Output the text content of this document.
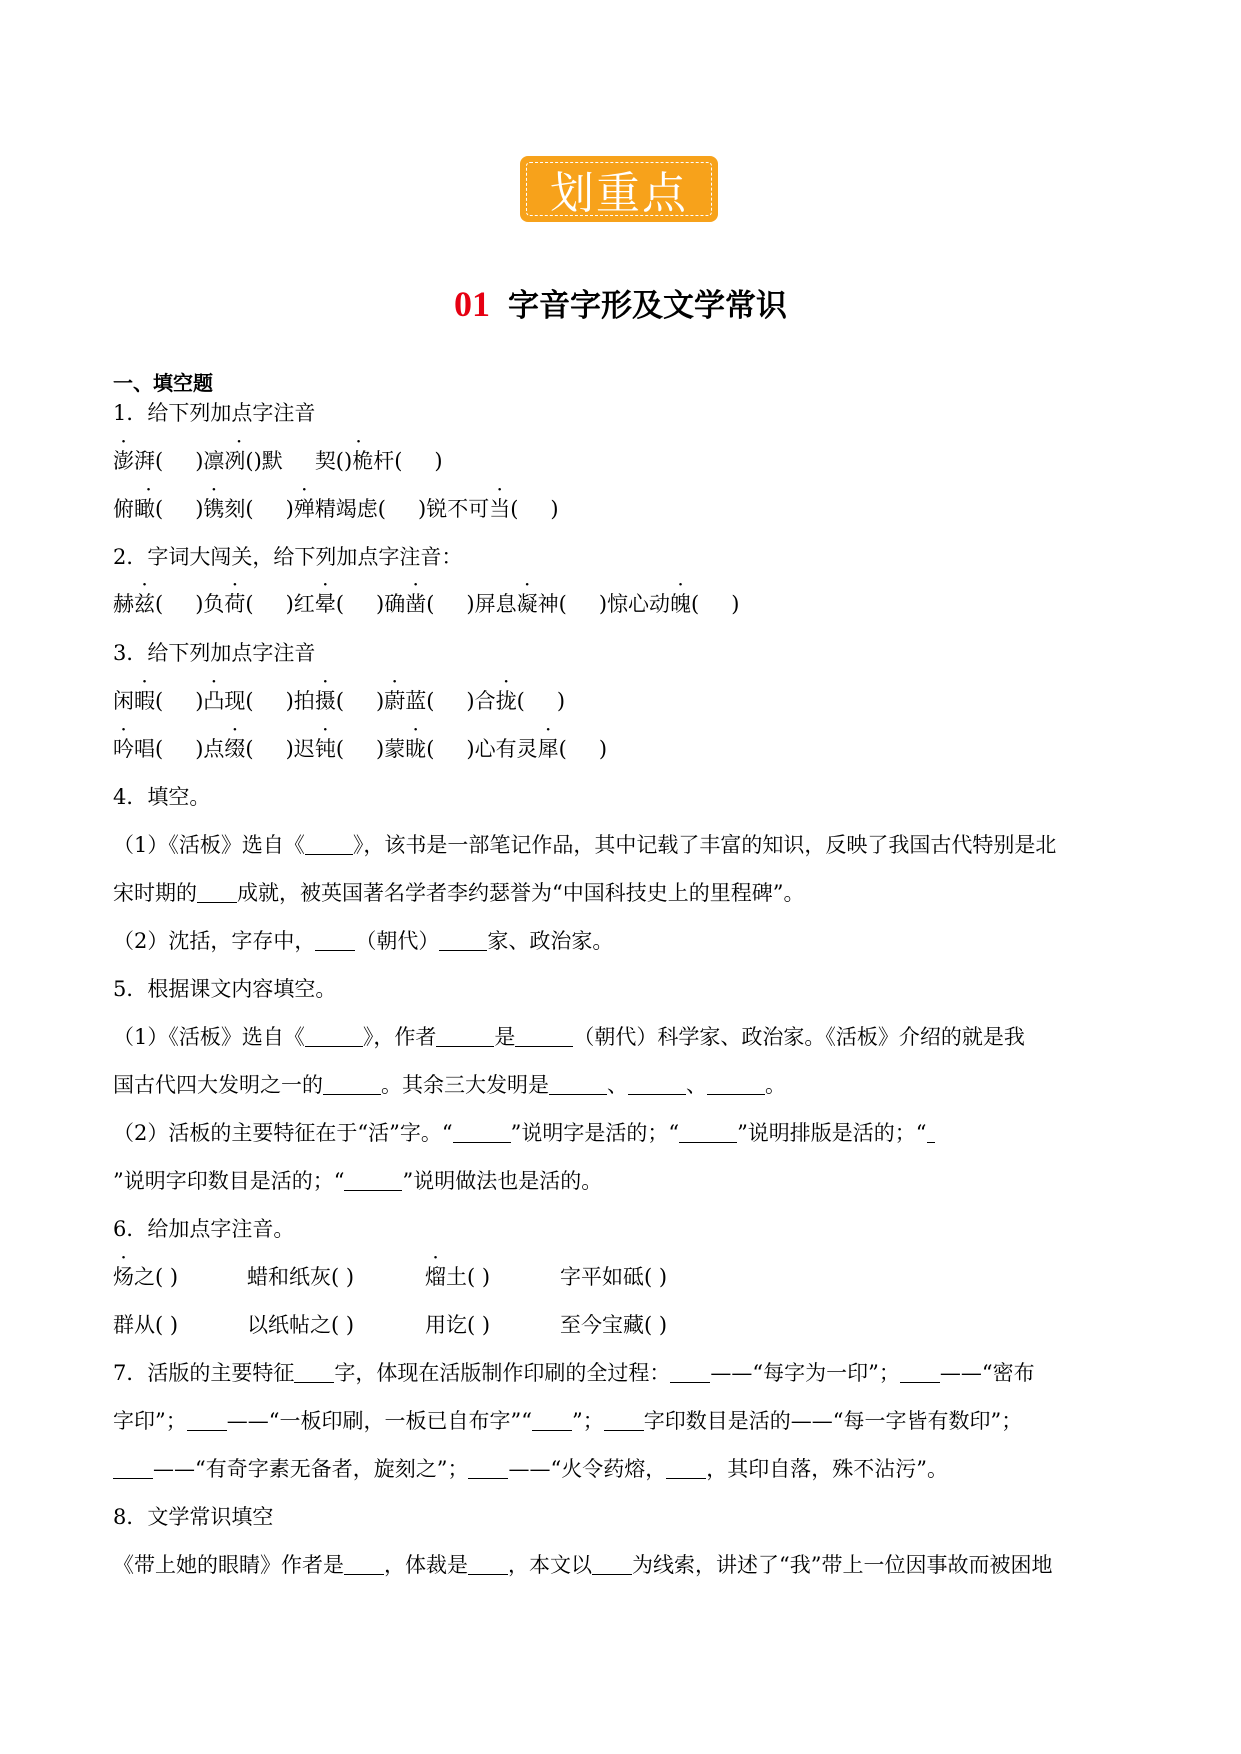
划重点
01 字音字形及文学常识
一、填空题
1．给下列加点字注音
澎湃( )凛· 冽()默 契(· )桅杆( )
俯· 瞰( )镌刻( )殚精竭虑( )锐不可当( )
2．字词大闯关，给下列加点字注音：
赫兹( )负荷( )红晕( )确凿( )屏息凝神( )惊心动魄( )
3．给下列加点字注音
闲暇( )凸现( )拍摄( )蔚蓝( )合拢( )
吟唱( )点缀( )迟钝( )蒙眬( )心有灵犀( )
4．填空。
（1）《活板》选自《 》，该书是一部笔记作品，其中记载了丰富的知识，反映了我国古代特别是北
宋时期的 成就，被英国著名学者李约瑟誉为“中国科技史上的里程碑”。
（2）沈括，字存中， （朝代） 家、政治家。
5．根据课文内容填空。
（1）《活板》选自《	》，作者	是	（朝代）科学家、政治家。《活板》介绍的就是我
国古代四大发明之一的	。其余三大发明是	、	、	。
（2）活板的主要特征在于“活”字。“	”说明字是活的；“	”说明排版是活的；“
”说明字印数目是活的；“	”说明做法也是活的。
6．给加点字注音。
炀之( )	蜡和纸灰( )	熘土( )	字平如砥( )
群从( )	以纸帖之( )	用讫( )	至今宝藏( )
7．活版的主要特征 字，体现在活版制作印刷的全过程： ——“每字为一印”； ——“密布
字印”； ——“一板印刷，一板已自布字”“ ”； 字印数目是活的——“每一字皆有数印”；
——“有奇字素无备者，旋刻之”； ——“火令药熔， ，其印自落，殊不沾污”。
8．文学常识填空
《带上她的眼睛》作者是 ，体裁是 ，本文以 为线索，讲述了“我”带上一位因事故而被困地
